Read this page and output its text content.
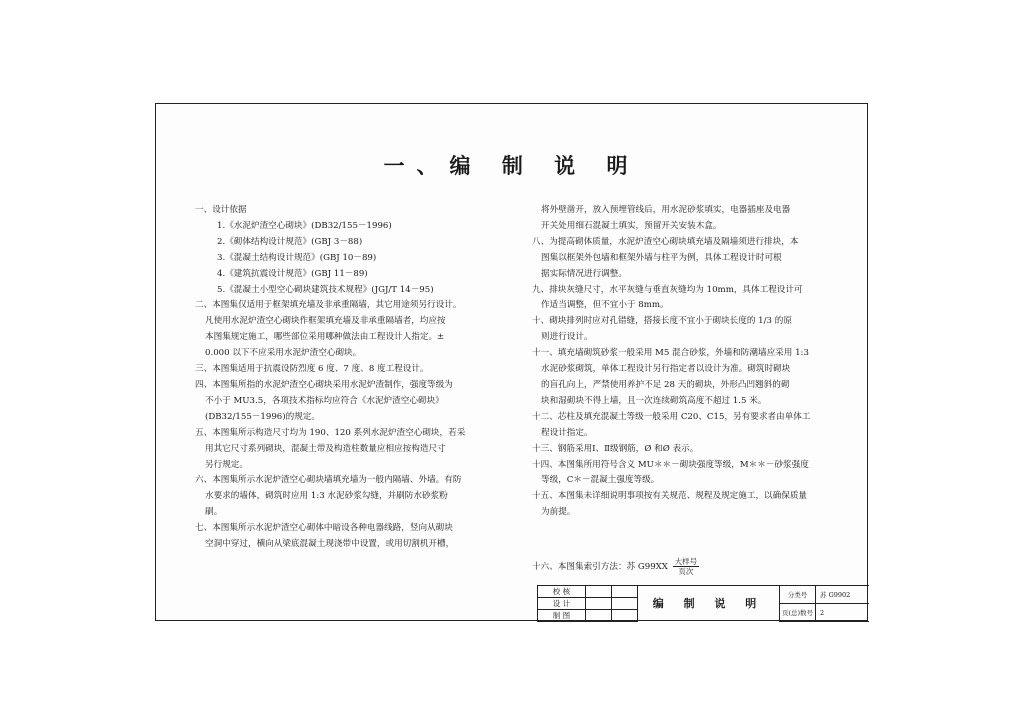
一、编 制 说 明

一、设计依据

1.《水泥炉渣空心砌块》(DB32/155－1996)

2.《砌体结构设计规范》(GBJ 3－88)

3.《混凝土结构设计规范》(GBJ 10－89)

4.《建筑抗震设计规范》(GBJ 11－89)

5.《混凝土小型空心砌块建筑技术规程》(JGJ/T 14－95)

二、本图集仅适用于框架填充墙及非承重隔墙，其它用途须另行设计。

凡使用水泥炉渣空心砌块作框架填充墙及非承重隔墙者，均应按

本图集规定施工，哪些部位采用哪种做法由工程设计人指定。±

0.000 以下不应采用水泥炉渣空心砌块。

三、本图集适用于抗震设防烈度 6 度、7 度、8 度工程设计。

四、本图集所指的水泥炉渣空心砌块采用水泥炉渣制作，强度等级为

不小于 MU3.5，各项技术指标均应符合《水泥炉渣空心砌块》

(DB32/155－1996)的规定。

五、本图集所示构造尺寸均为 190、120 系列水泥炉渣空心砌块，若采

用其它尺寸系列砌块，混凝土带及构造柱数量应相应按构造尺寸

另行规定。

六、本图集所示水泥炉渣空心砌块墙填充墙为一般内隔墙、外墙。有防

水要求的墙体，砌筑时应用 1:3 水泥砂浆勾缝，并刷防水砂浆粉

刷。

七、本图集所示水泥炉渣空心砌体中暗设各种电器线路，竖向从砌块

空洞中穿过，横向从梁底混凝土现浇带中设置，或用切割机开槽，

将外壁凿开，放入预埋管线后，用水泥砂浆填实，电器插座及电器

开关处用细石混凝土填实，预留开关安装木盒。

八、为提高砌体质量，水泥炉渣空心砌块填充墙及隔墙须进行排块，本

图集以框架外包墙和框架外墙与柱平为例，具体工程设计时可根

据实际情况进行调整。

九、排块灰缝尺寸，水平灰缝与垂直灰缝均为 10mm，具体工程设计可

作适当调整，但不宜小于 8mm。

十、砌块排列时应对孔错缝，搭接长度不宜小于砌块长度的 1/3 的原

则进行设计。

十一、填充墙砌筑砂浆一般采用 M5 混合砂浆，外墙和防潮墙应采用 1:3

水泥砂浆砌筑，单体工程设计另行指定者以设计为准。砌筑时砌块

的盲孔向上，严禁使用养护不足 28 天的砌块，外形凸凹翘斜的砌

块和湿砌块不得上墙，且一次连续砌筑高度不超过 1.5 米。

十二、芯柱及填充混凝土等级一般采用 C20、C15，另有要求者由单体工

程设计指定。

十三、钢筋采用Ⅰ、Ⅱ级钢筋，Ø 和Ø 表示。

十四、本图集所用符号含义 MU＊＊－砌块强度等级，M＊＊－砂浆强度

等级，C＊－混凝土强度等级。

十五、本图集未详细说明事项按有关规范、规程及规定施工，以确保质量

为前提。

十六、本图集索引方法：苏 $G99XX \frac{\text{大样号}}{\text{页次}}$
校 核
设 计
制 图
编 制 说 明
分类号 苏 G9902
页(总)数号 2
